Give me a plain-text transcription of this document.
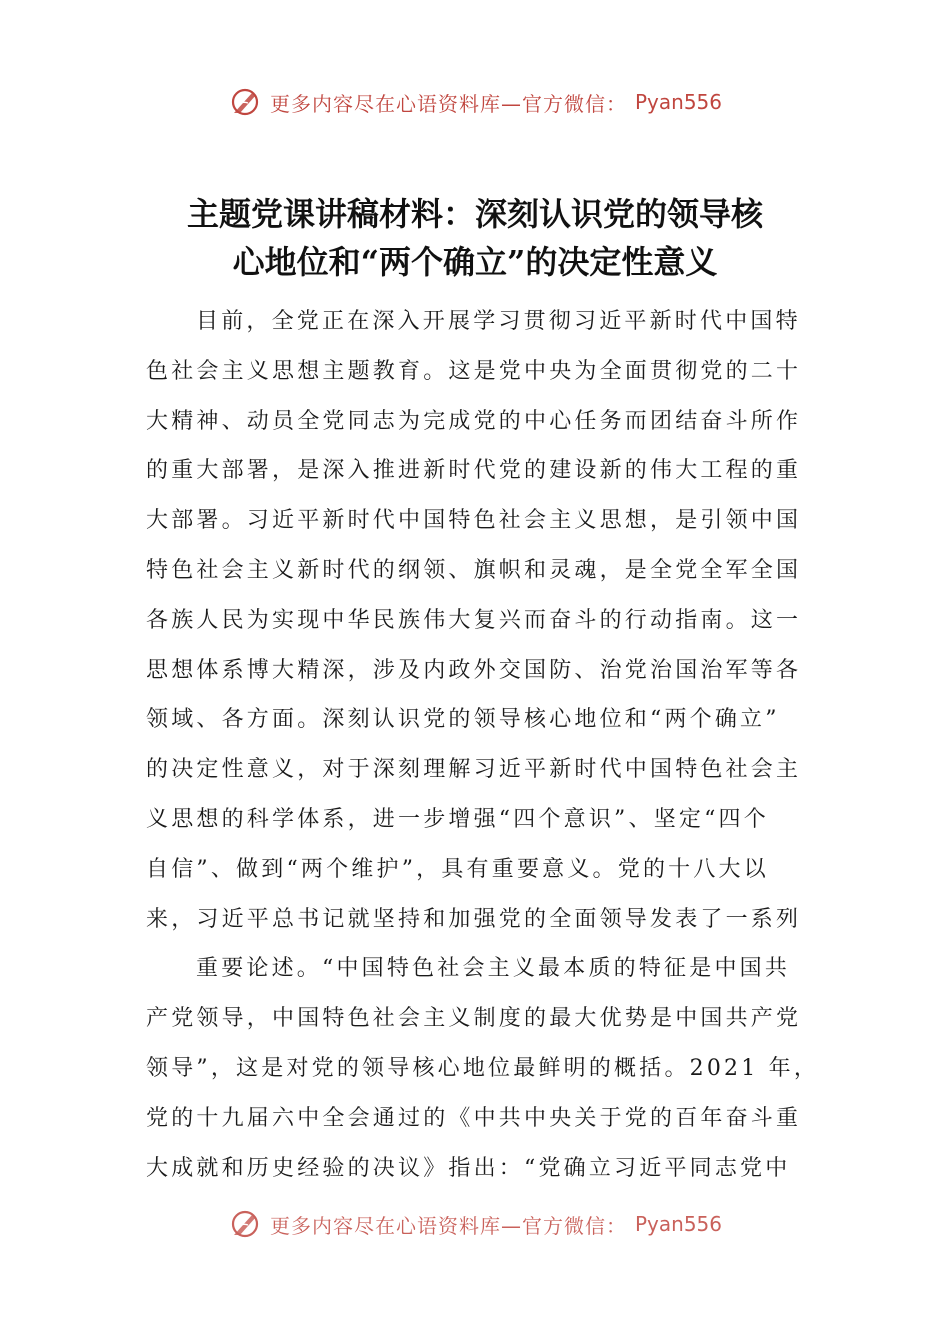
更多内容尽在心语资料库—官方微信： Pyan556
主题党课讲稿材料：深刻认识党的领导核
心地位和“两个确立”的决定性意义
目前，全党正在深入开展学习贯彻习近平新时代中国特
色社会主义思想主题教育。这是党中央为全面贯彻党的二十
大精神、动员全党同志为完成党的中心任务而团结奋斗所作
的重大部署，是深入推进新时代党的建设新的伟大工程的重
大部署。习近平新时代中国特色社会主义思想，是引领中国
特色社会主义新时代的纲领、旗帜和灵魂，是全党全军全国
各族人民为实现中华民族伟大复兴而奋斗的行动指南。这一
思想体系博大精深，涉及内政外交国防、治党治国治军等各
领域、各方面。深刻认识党的领导核心地位和“两个确立”
的决定性意义，对于深刻理解习近平新时代中国特色社会主
义思想的科学体系，进一步增强“四个意识”、坚定“四个
自信”、做到“两个维护”，具有重要意义。党的十八大以
来，习近平总书记就坚持和加强党的全面领导发表了一系列
重要论述。“中国特色社会主义最本质的特征是中国共
产党领导，中国特色社会主义制度的最大优势是中国共产党
领导”，这是对党的领导核心地位最鲜明的概括。2021 年，
党的十九届六中全会通过的《中共中央关于党的百年奋斗重
大成就和历史经验的决议》指出：“党确立习近平同志党中
更多内容尽在心语资料库—官方微信： Pyan556
